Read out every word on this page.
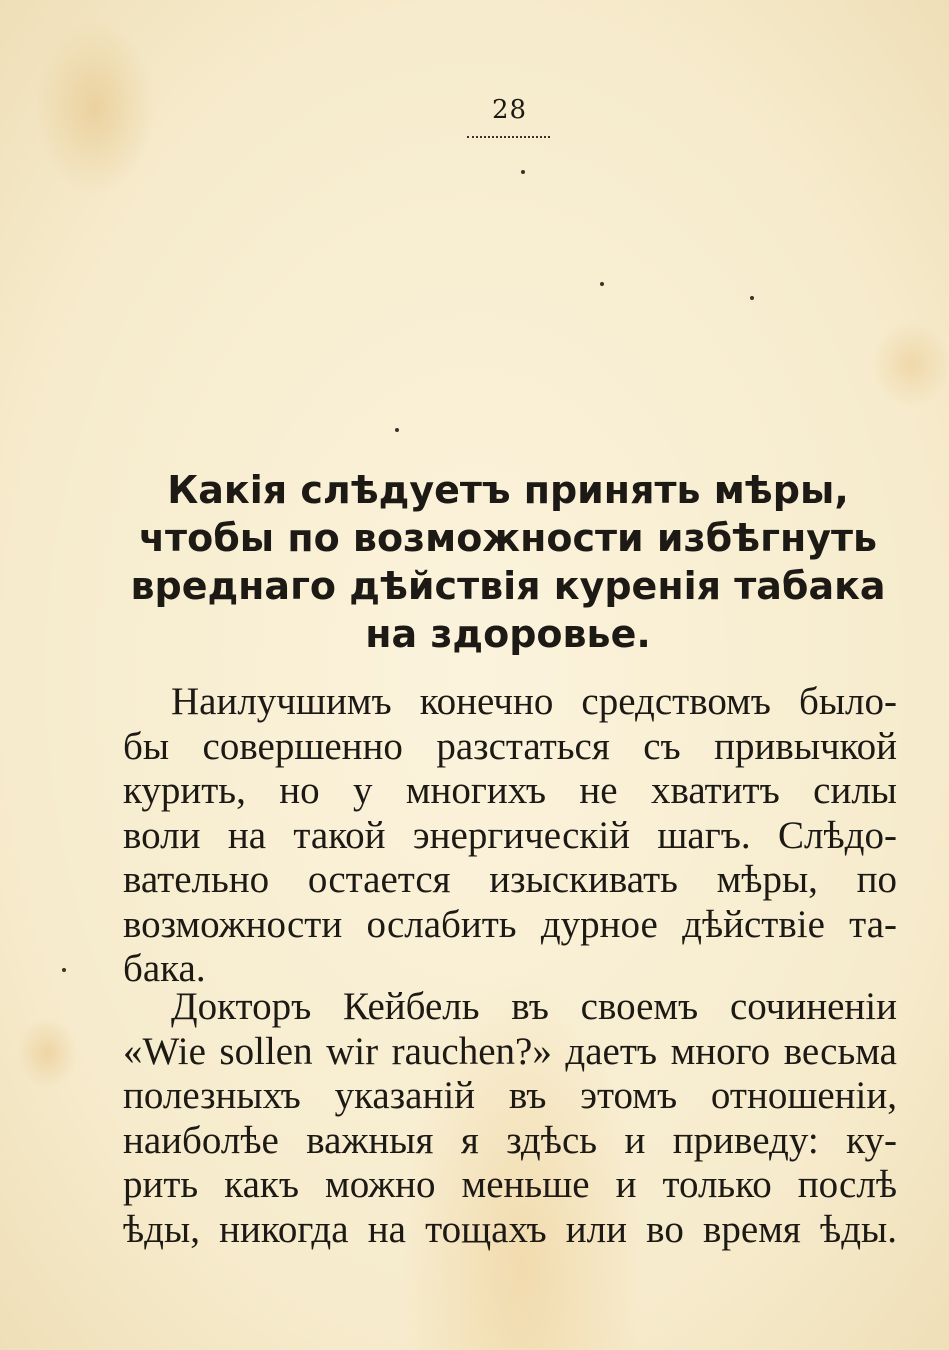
28
Какія слѣдуетъ принять мѣры,
чтобы по возможности избѣгнуть
вреднаго дѣйствія куренія табака
на здоровье.
Наилучшимъ конечно средствомъ было-
бы совершенно разстаться съ привычкой
курить, но у многихъ не хватитъ силы
воли на такой энергическій шагъ. Слѣдо-
вательно остается изыскивать мѣры, по
возможности ослабить дурное дѣйствіе та-
бака.
Докторъ Кейбель въ своемъ сочиненіи
«Wie sollen wir rauchen?» даетъ много весьма
полезныхъ указаній въ этомъ отношеніи,
наиболѣе важныя я здѣсь и приведу: ку-
рить какъ можно меньше и только послѣ
ѣды, никогда на тощахъ или во время ѣды.
